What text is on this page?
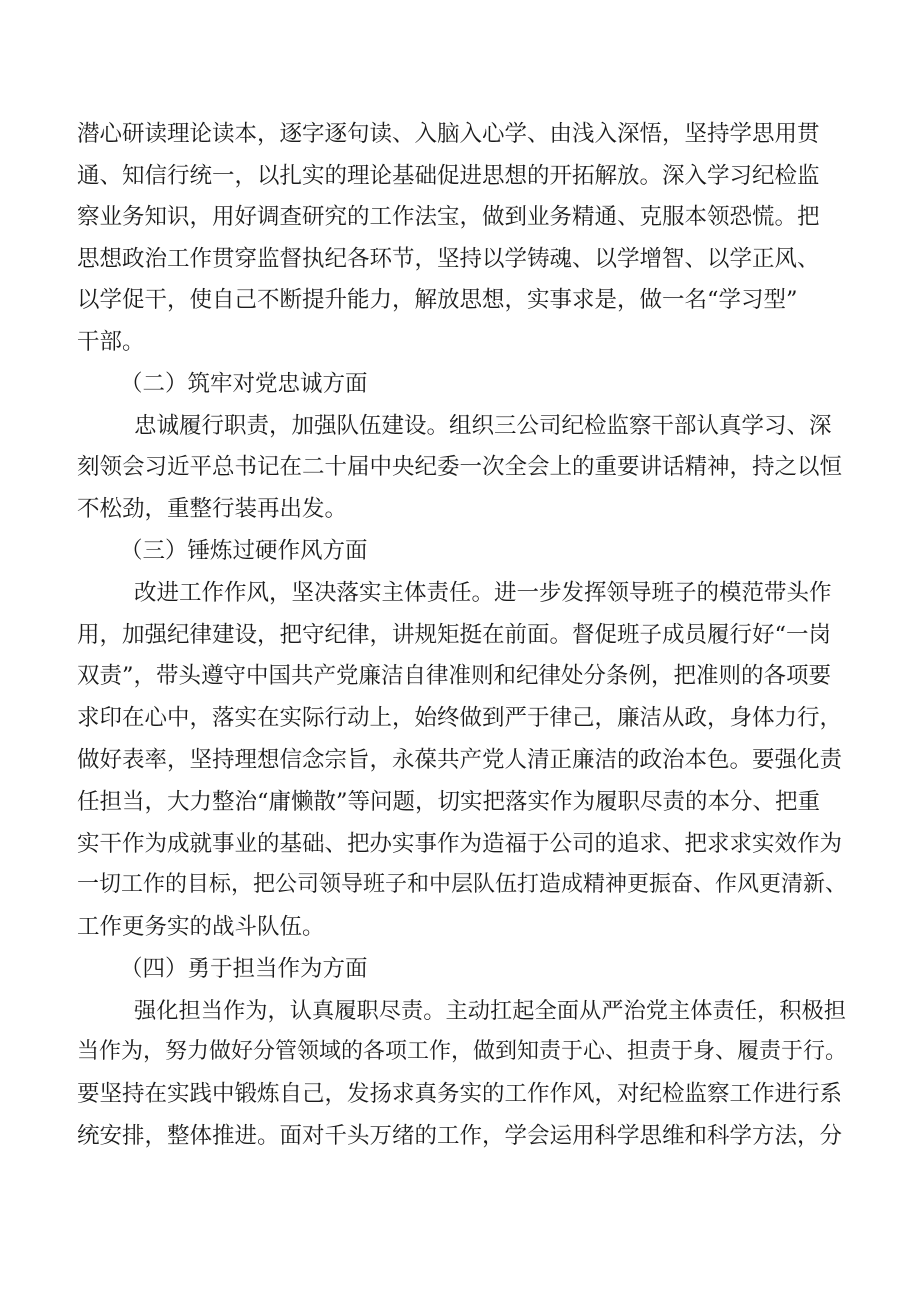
潜心研读理论读本，逐字逐句读、入脑入心学、由浅入深悟，坚持学思用贯
通、知信行统一，以扎实的理论基础促进思想的开拓解放。深入学习纪检监
察业务知识，用好调查研究的工作法宝，做到业务精通、克服本领恐慌。把
思想政治工作贯穿监督执纪各环节，坚持以学铸魂、以学增智、以学正风、
以学促干，使自己不断提升能力，解放思想，实事求是，做一名“学习型”
干部。
（二）筑牢对党忠诚方面
忠诚履行职责，加强队伍建设。组织三公司纪检监察干部认真学习、深
刻领会习近平总书记在二十届中央纪委一次全会上的重要讲话精神，持之以恒
不松劲，重整行装再出发。
（三）锤炼过硬作风方面
改进工作作风，坚决落实主体责任。进一步发挥领导班子的模范带头作
用，加强纪律建设，把守纪律，讲规矩挺在前面。督促班子成员履行好“一岗
双责”，带头遵守中国共产党廉洁自律准则和纪律处分条例，把准则的各项要
求印在心中，落实在实际行动上，始终做到严于律己，廉洁从政，身体力行，
做好表率，坚持理想信念宗旨，永葆共产党人清正廉洁的政治本色。要强化责
任担当，大力整治“庸懒散”等问题，切实把落实作为履职尽责的本分、把重
实干作为成就事业的基础、把办实事作为造福于公司的追求、把求求实效作为
一切工作的目标，把公司领导班子和中层队伍打造成精神更振奋、作风更清新、
工作更务实的战斗队伍。
（四）勇于担当作为方面
强化担当作为，认真履职尽责。主动扛起全面从严治党主体责任，积极担
当作为，努力做好分管领域的各项工作，做到知责于心、担责于身、履责于行。
要坚持在实践中锻炼自己，发扬求真务实的工作作风，对纪检监察工作进行系
统安排，整体推进。面对千头万绪的工作，学会运用科学思维和科学方法，分
